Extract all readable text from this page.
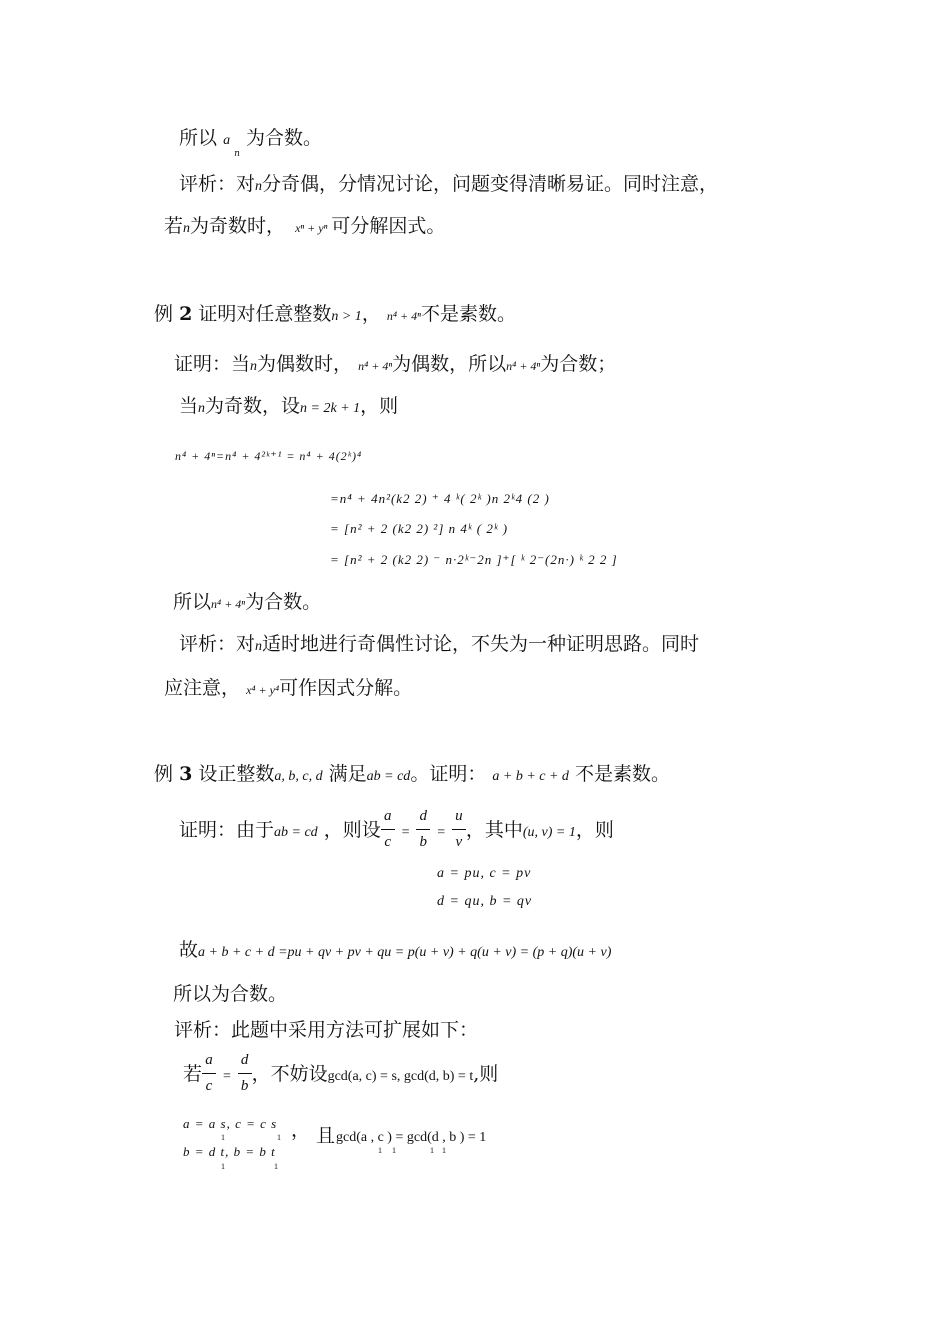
所以 a $_n$ 为合数。
评析：对n分奇偶，分情况讨论，问题变得清晰易证。同时注意，
若n为奇数时， xⁿ + yⁿ 可分解因式。
例 2 证明对任意整数n > 1， n⁴ + 4ⁿ不是素数。
证明：当n为偶数时， n⁴ + 4ⁿ为偶数，所以n⁴ + 4ⁿ为合数；
当n为奇数，设n = 2k + 1，则
n⁴ + 4ⁿ=n⁴ + 4²ᵏ⁺¹ = n⁴ + 4(2ᵏ)⁴
=n⁴ + 4n²(k2 2) ⁺ 4 ᵏ( 2ᵏ )n 2ᵏ4 (2 )
= [n² + 2 (k2 2) ²] n 4ᵏ ( 2ᵏ )
= [n² + 2 (k2 2) ⁻ n·2ᵏ⁻2n ]⁺[ ᵏ 2⁻(2n·) ᵏ 2 2 ]
所以n⁴ + 4ⁿ为合数。
评析：对n适时地进行奇偶性讨论，不失为一种证明思路。同时
应注意， x⁴ + y⁴可作因式分解。
例 3 设正整数a, b, c, d 满足ab = cd。证明： a + b + c + d 不是素数。
证明：由于ab = cd ，则设 $\frac{a}{c} = \frac{d}{b} = \frac{u}{v}$ ，其中(u, v) = 1，则
a = pu, c = pv
d = qu, b = qv
故a + b + c + d =pu + qv + pv + qu = p(u + v) + q(u + v) = (p + q)(u + v)
所以为合数。
评析：此题中采用方法可扩展如下：
若 $\frac{a}{c} = \frac{d}{b}$ ，不妨设gcd(a, c) = s, gcd(d, b) = t,则
a = a s, c = c s
1	1 ， 且 gcd(a , c ) = gcd(d , b ) = 1
1     1                 1    1
b = d t, b = b t
1	1
